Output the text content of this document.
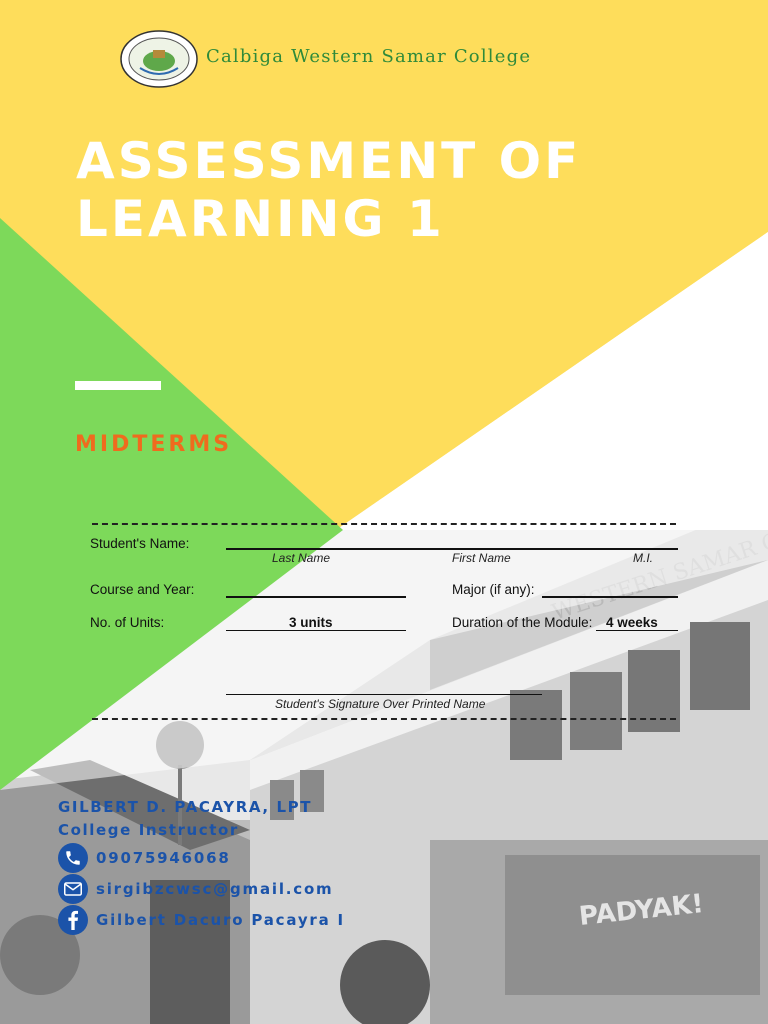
PADYAK!
Calbiga Western Samar College
ASSESSMENT OF
LEARNING 1
MIDTERMS
Student's Name:
Last Name	First Name	M.I.
Course and Year:	Major (if any):
No. of Units:	3 units	Duration of the Module: 4 weeks
Student's Signature Over Printed Name
GILBERT D. PACAYRA, LPT
College Instructor
09075946068
sirgibzcwsc@gmail.com
Gilbert Dacuro Pacayra I
